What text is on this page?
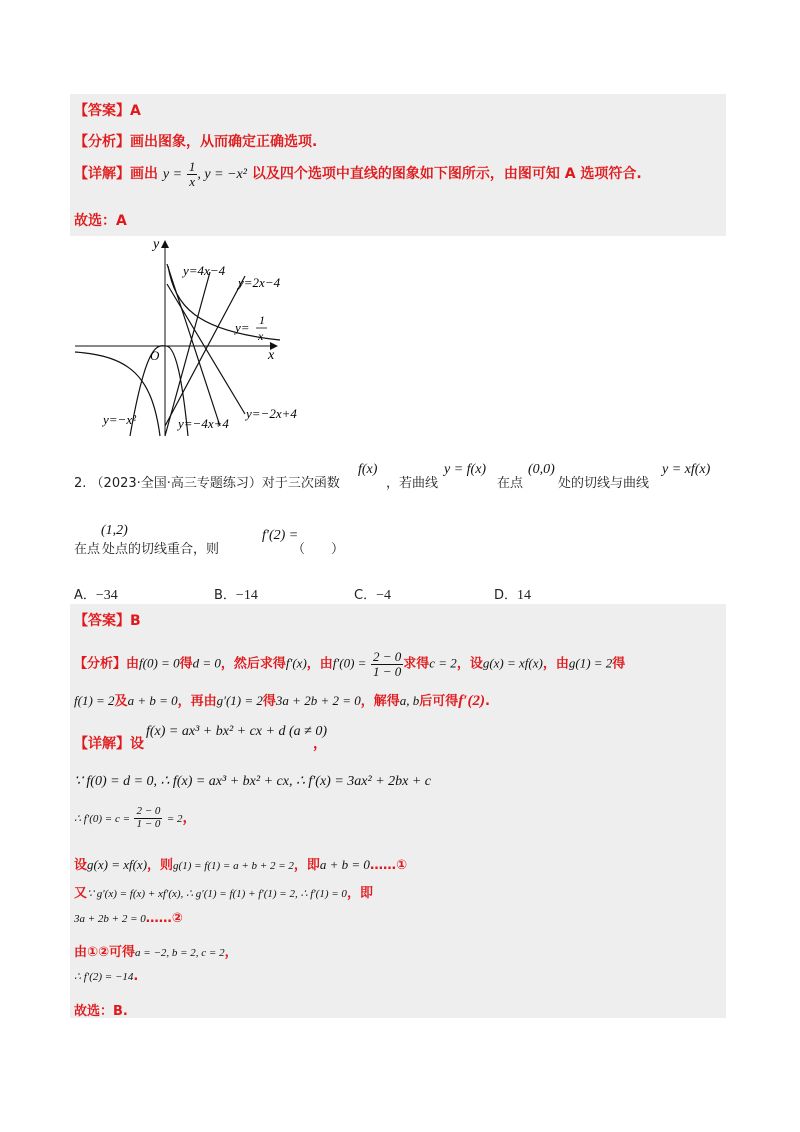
【答案】A
【分析】画出图象，从而确定正确选项.
【详解】画出 $y = \frac{1}{x}$ , y = −x² 以及四个选项中直线的图象如下图所示，由图可知 A 选项符合.
故选：A
y
x
O
y=4x−4
y=2x−4
y= 1
x
y=−x²	y=−4x+4
y=−2x+4
2. （2023·全国·高三专题练习）对于三次函数
f(x)
，若曲线
y = f(x)
在点
(0,0)
处的切线与曲线
y = xf(x)
(1,2)
在点 处点的切线重合，则
f′(2) =
（　　）
A．−34	B．−14	C．−4	D．14
【答案】B
【分析】由f(0) = 0得d = 0，然后求得f′(x)，由$f'(0) = \frac{2 - 0}{1 - 0}$ 求得c = 2，设g(x) = xf(x)，由g(1) = 2得
f(1) = 2及a + b = 0，再由g′(1) = 2得3a + 2b + 2 = 0，解得a, b后可得f′(2).
【详解】设
f(x) = ax³ + bx² + cx + d (a ≠ 0)
，
∵ f(0) = d = 0, ∴ f(x) = ax³ + bx² + cx, ∴ f′(x) = 3ax² + 2bx + c
∴ $f'(0) = c = \frac{2 - 0}{1 - 0} = 2$，
设g(x) = xf(x)，则g(1) = f(1) = a + b + 2 = 2，即a + b = 0……①
又∵ g′(x) = f(x) + xf′(x), ∴ g′(1) = f(1) + f′(1) = 2, ∴ f′(1) = 0，即
3a + 2b + 2 = 0……②
由①②可得a = −2, b = 2, c = 2，
∴ f′(2) = −14.
故选：B.
